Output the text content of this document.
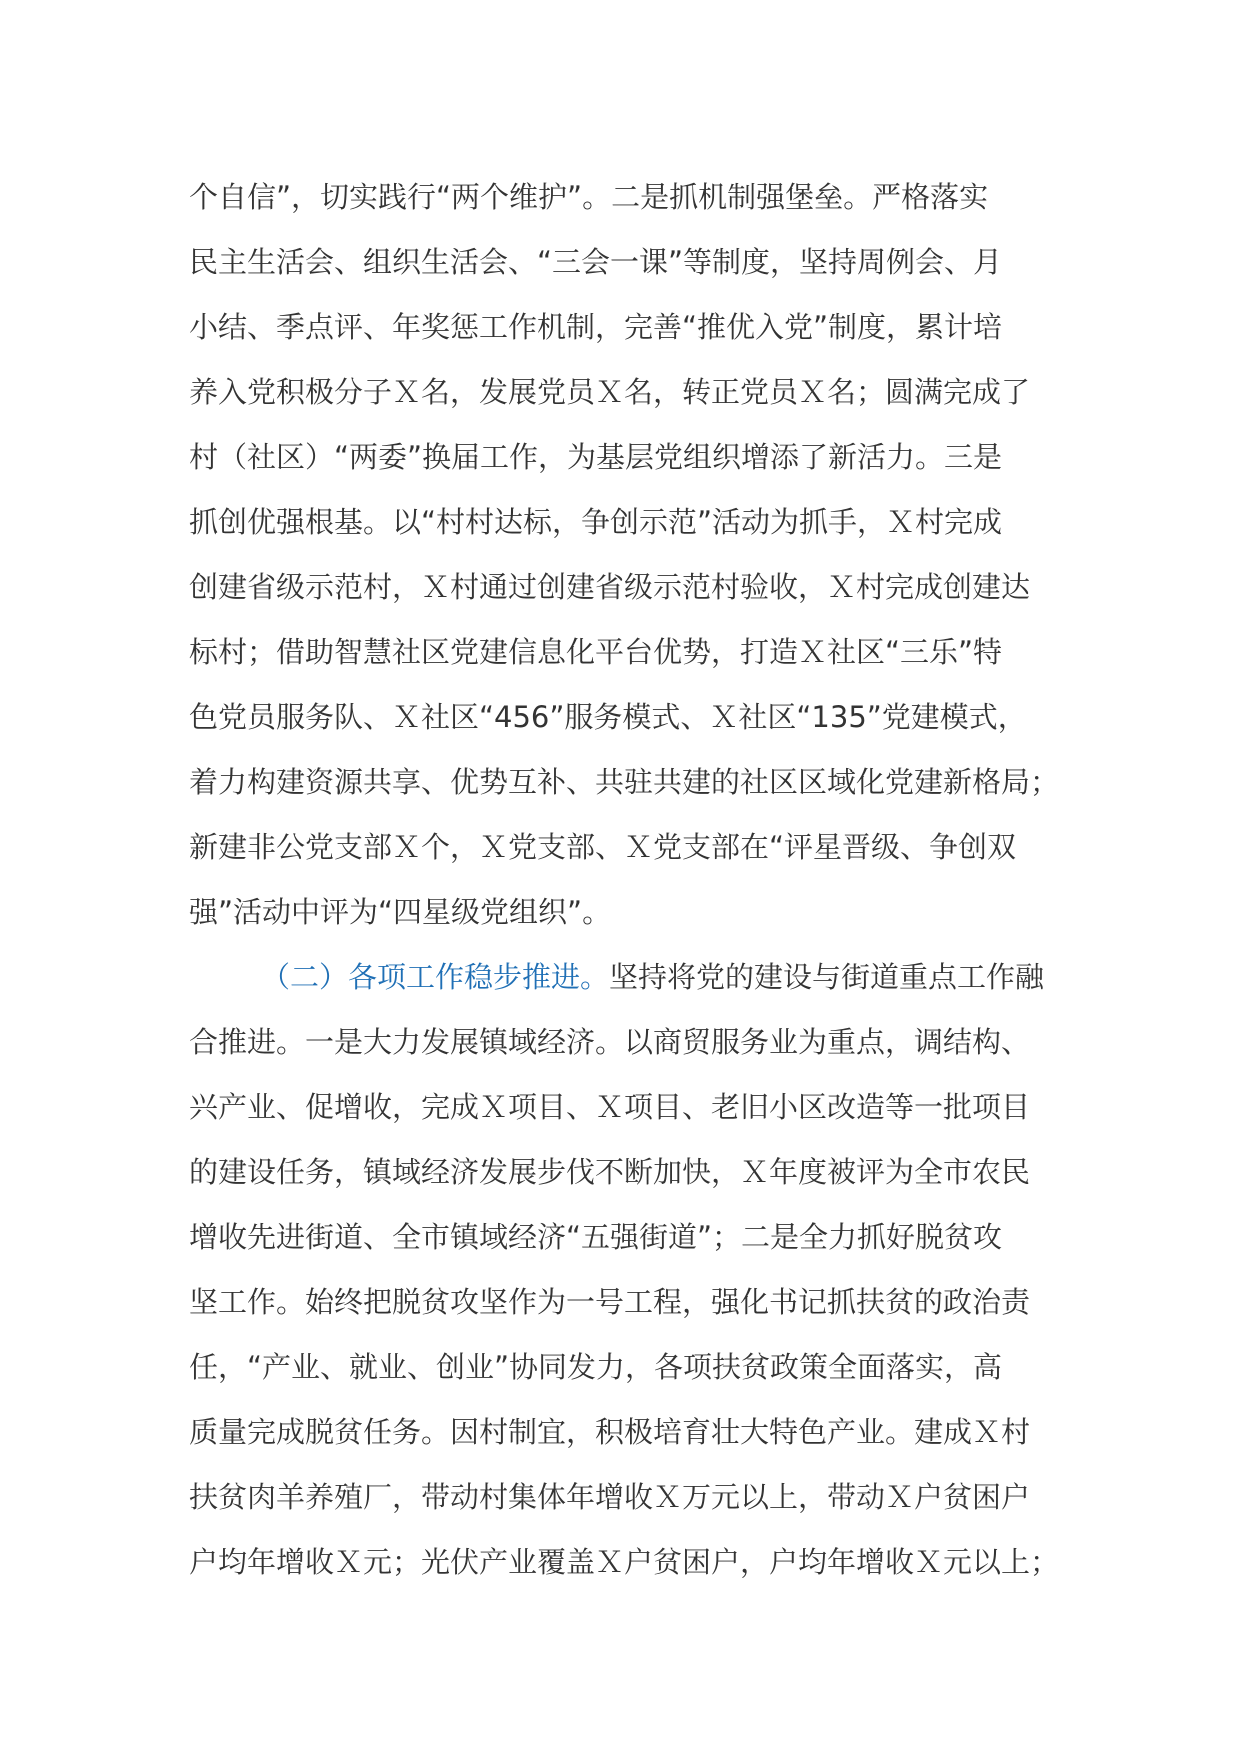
个自信”，切实践行“两个维护”。二是抓机制强堡垒。严格落实
民主生活会、组织生活会、“三会一课”等制度，坚持周例会、月
小结、季点评、年奖惩工作机制，完善“推优入党”制度，累计培
养入党积极分子Ｘ名，发展党员Ｘ名，转正党员Ｘ名；圆满完成了
村（社区）“两委”换届工作，为基层党组织增添了新活力。三是
抓创优强根基。以“村村达标，争创示范”活动为抓手，Ｘ村完成
创建省级示范村，Ｘ村通过创建省级示范村验收，Ｘ村完成创建达
标村；借助智慧社区党建信息化平台优势，打造Ｘ社区“三乐”特
色党员服务队、Ｘ社区“456”服务模式、Ｘ社区“135”党建模式，
着力构建资源共享、优势互补、共驻共建的社区区域化党建新格局；
新建非公党支部Ｘ个，Ｘ党支部、Ｘ党支部在“评星晋级、争创双
强”活动中评为“四星级党组织”。
（二）各项工作稳步推进。坚持将党的建设与街道重点工作融
合推进。一是大力发展镇域经济。以商贸服务业为重点，调结构、
兴产业、促增收，完成Ｘ项目、Ｘ项目、老旧小区改造等一批项目
的建设任务，镇域经济发展步伐不断加快，Ｘ年度被评为全市农民
增收先进街道、全市镇域经济“五强街道”；二是全力抓好脱贫攻
坚工作。始终把脱贫攻坚作为一号工程，强化书记抓扶贫的政治责
任，“产业、就业、创业”协同发力，各项扶贫政策全面落实，高
质量完成脱贫任务。因村制宜，积极培育壮大特色产业。建成Ｘ村
扶贫肉羊养殖厂，带动村集体年增收Ｘ万元以上，带动Ｘ户贫困户
户均年增收Ｘ元；光伏产业覆盖Ｘ户贫困户，户均年增收Ｘ元以上；
